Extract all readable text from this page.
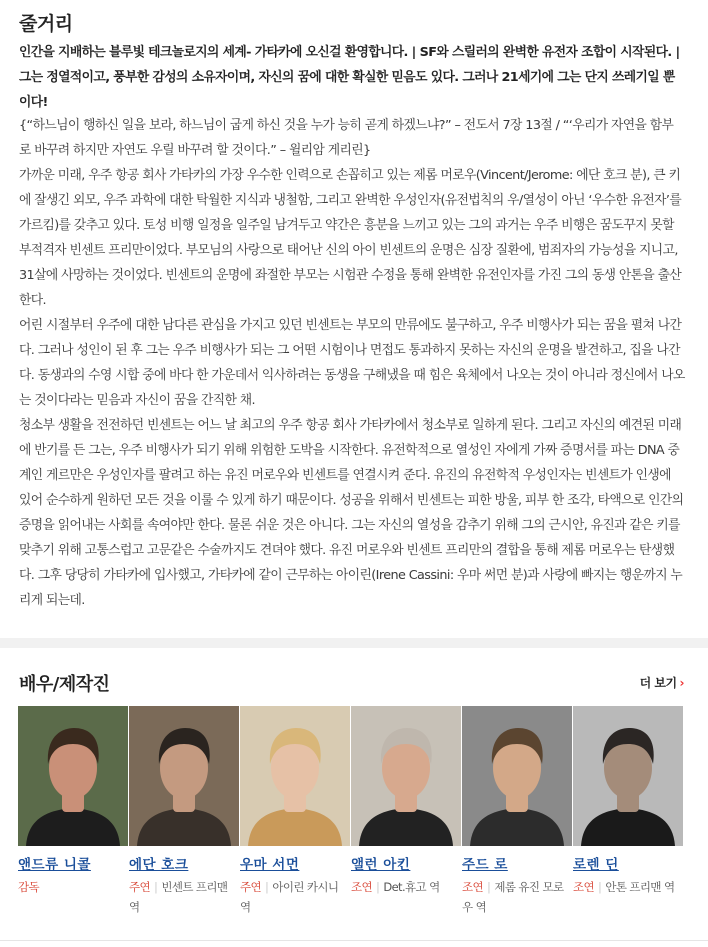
줄거리

인간을 지배하는 블루빛 테크놀로지의 세계- 가타카에 오신걸 환영합니다. | SF와 스릴러의 완벽한 유전자 조합이 시작된다. | 그는 정열적이고, 풍부한 감성의 소유자이며, 자신의 꿈에 대한 확실한 믿음도 있다. 그러나 21세기에 그는 단지 쓰레기일 뿐이다!

{“하느님이 행하신 일을 보라, 하느님이 굽게 하신 것을 누가 능히 곧게 하겠느냐?” – 전도서 7장 13절 / “‘우리가 자연을 함부로 바꾸려 하지만 자연도 우릴 바꾸려 할 것이다.” – 윌리암 게리린}

가까운 미래, 우주 항공 회사 가타카의 가장 우수한 인력으로 손꼽히고 있는 제롬 머로우(Vincent/Jerome: 에단 호크 분), 큰 키에 잘생긴 외모, 우주 과학에 대한 탁월한 지식과 냉철함, 그리고 완벽한 우성인자(유전법칙의 우/열성이 아닌 ‘우수한 유전자’를 가르킴)를 갖추고 있다. 토성 비행 일정을 일주일 남겨두고 약간은 흥분을 느끼고 있는 그의 과거는 우주 비행은 꿈도꾸지 못할 부적격자 빈센트 프리만이었다. 부모님의 사랑으로 태어난 신의 아이 빈센트의 운명은 심장 질환에, 범죄자의 가능성을 지니고, 31살에 사망하는 것이었다. 빈센트의 운명에 좌절한 부모는 시험관 수정을 통해 완벽한 유전인자를 가진 그의 동생 안톤을 출산한다.

어린 시절부터 우주에 대한 남다른 관심을 가지고 있던 빈센트는 부모의 만류에도 불구하고, 우주 비행사가 되는 꿈을 펼쳐 나간다. 그러나 성인이 된 후 그는 우주 비행사가 되는 그 어떤 시험이나 면접도 통과하지 못하는 자신의 운명을 발견하고, 집을 나간다. 동생과의 수영 시합 중에 바다 한 가운데서 익사하려는 동생을 구해냈을 때 힘은 육체에서 나오는 것이 아니라 정신에서 나오는 것이다라는 믿음과 자신이 꿈을 간직한 채.

청소부 생활을 전전하던 빈센트는 어느 날 최고의 우주 항공 회사 가타카에서 청소부로 일하게 된다. 그리고 자신의 예견된 미래에 반기를 든 그는, 우주 비행사가 되기 위해 위험한 도박을 시작한다. 유전학적으로 열성인 자에게 가짜 증명서를 파는 DNA 중계인 게르만은 우성인자를 팔려고 하는 유진 머로우와 빈센트를 연결시켜 준다. 유진의 유전학적 우성인자는 빈센트가 인생에 있어 순수하게 원하던 모든 것을 이룰 수 있게 하기 때문이다. 성공을 위해서 빈센트는 피한 방울, 피부 한 조각, 타액으로 인간의 증명을 읽어내는 사회를 속여야만 한다. 물론 쉬운 것은 아니다. 그는 자신의 열성을 감추기 위해 그의 근시안, 유진과 같은 키를 맞추기 위해 고통스럽고 고문같은 수술까지도 견뎌야 했다. 유진 머로우와 빈센트 프리만의 결합을 통해 제롬 머로우는 탄생했다. 그후 당당히 가타카에 입사했고, 가타카에 같이 근무하는 아이린(Irene Cassini: 우마 써먼 분)과 사랑에 빠지는 행운까지 누리게 되는데.

배우/제작진	더 보기 ›
앤드류 니콜
감독
에단 호크
주연 | 빈센트 프리맨 역
우마 서먼
주연 | 아이린 카시니 역
앨런 아킨
조연 | Det.휴고 역
주드 로
조연 | 제롬 유진 모로우 역
로렌 딘
조연 | 안톤 프리맨 역
